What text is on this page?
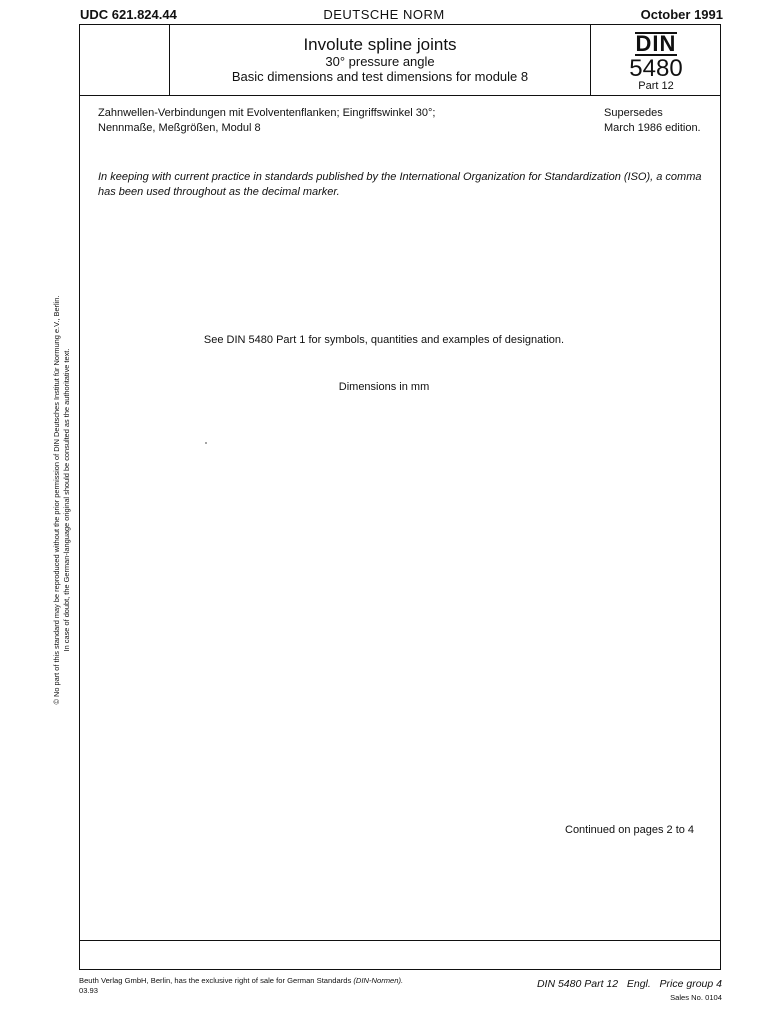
UDC 621.824.44	DEUTSCHE NORM	October 1991
Involute spline joints
30° pressure angle
Basic dimensions and test dimensions for module 8
DIN
5480
Part 12
Zahnwellen-Verbindungen mit Evolventenflanken; Eingriffswinkel 30°;
Nennmaße, Meßgrößen, Modul 8
Supersedes
March 1986 edition.
In keeping with current practice in standards published by the International Organization for Standardization (ISO), a comma
has been used throughout as the decimal marker.
See DIN 5480 Part 1 for symbols, quantities and examples of designation.
Dimensions in mm
Continued on pages 2 to 4
© No part of this standard may be reproduced without the prior permission of DIN Deutsches Institut für Normung e.V., Berlin. In case of doubt, the German-language original should be consulted as the authoritative text.
Beuth Verlag GmbH, Berlin, has the exclusive right of sale for German Standards (DIN-Normen).
03.93	DIN 5480 Part 12   Engl.   Price group 4
Sales No. 0104
